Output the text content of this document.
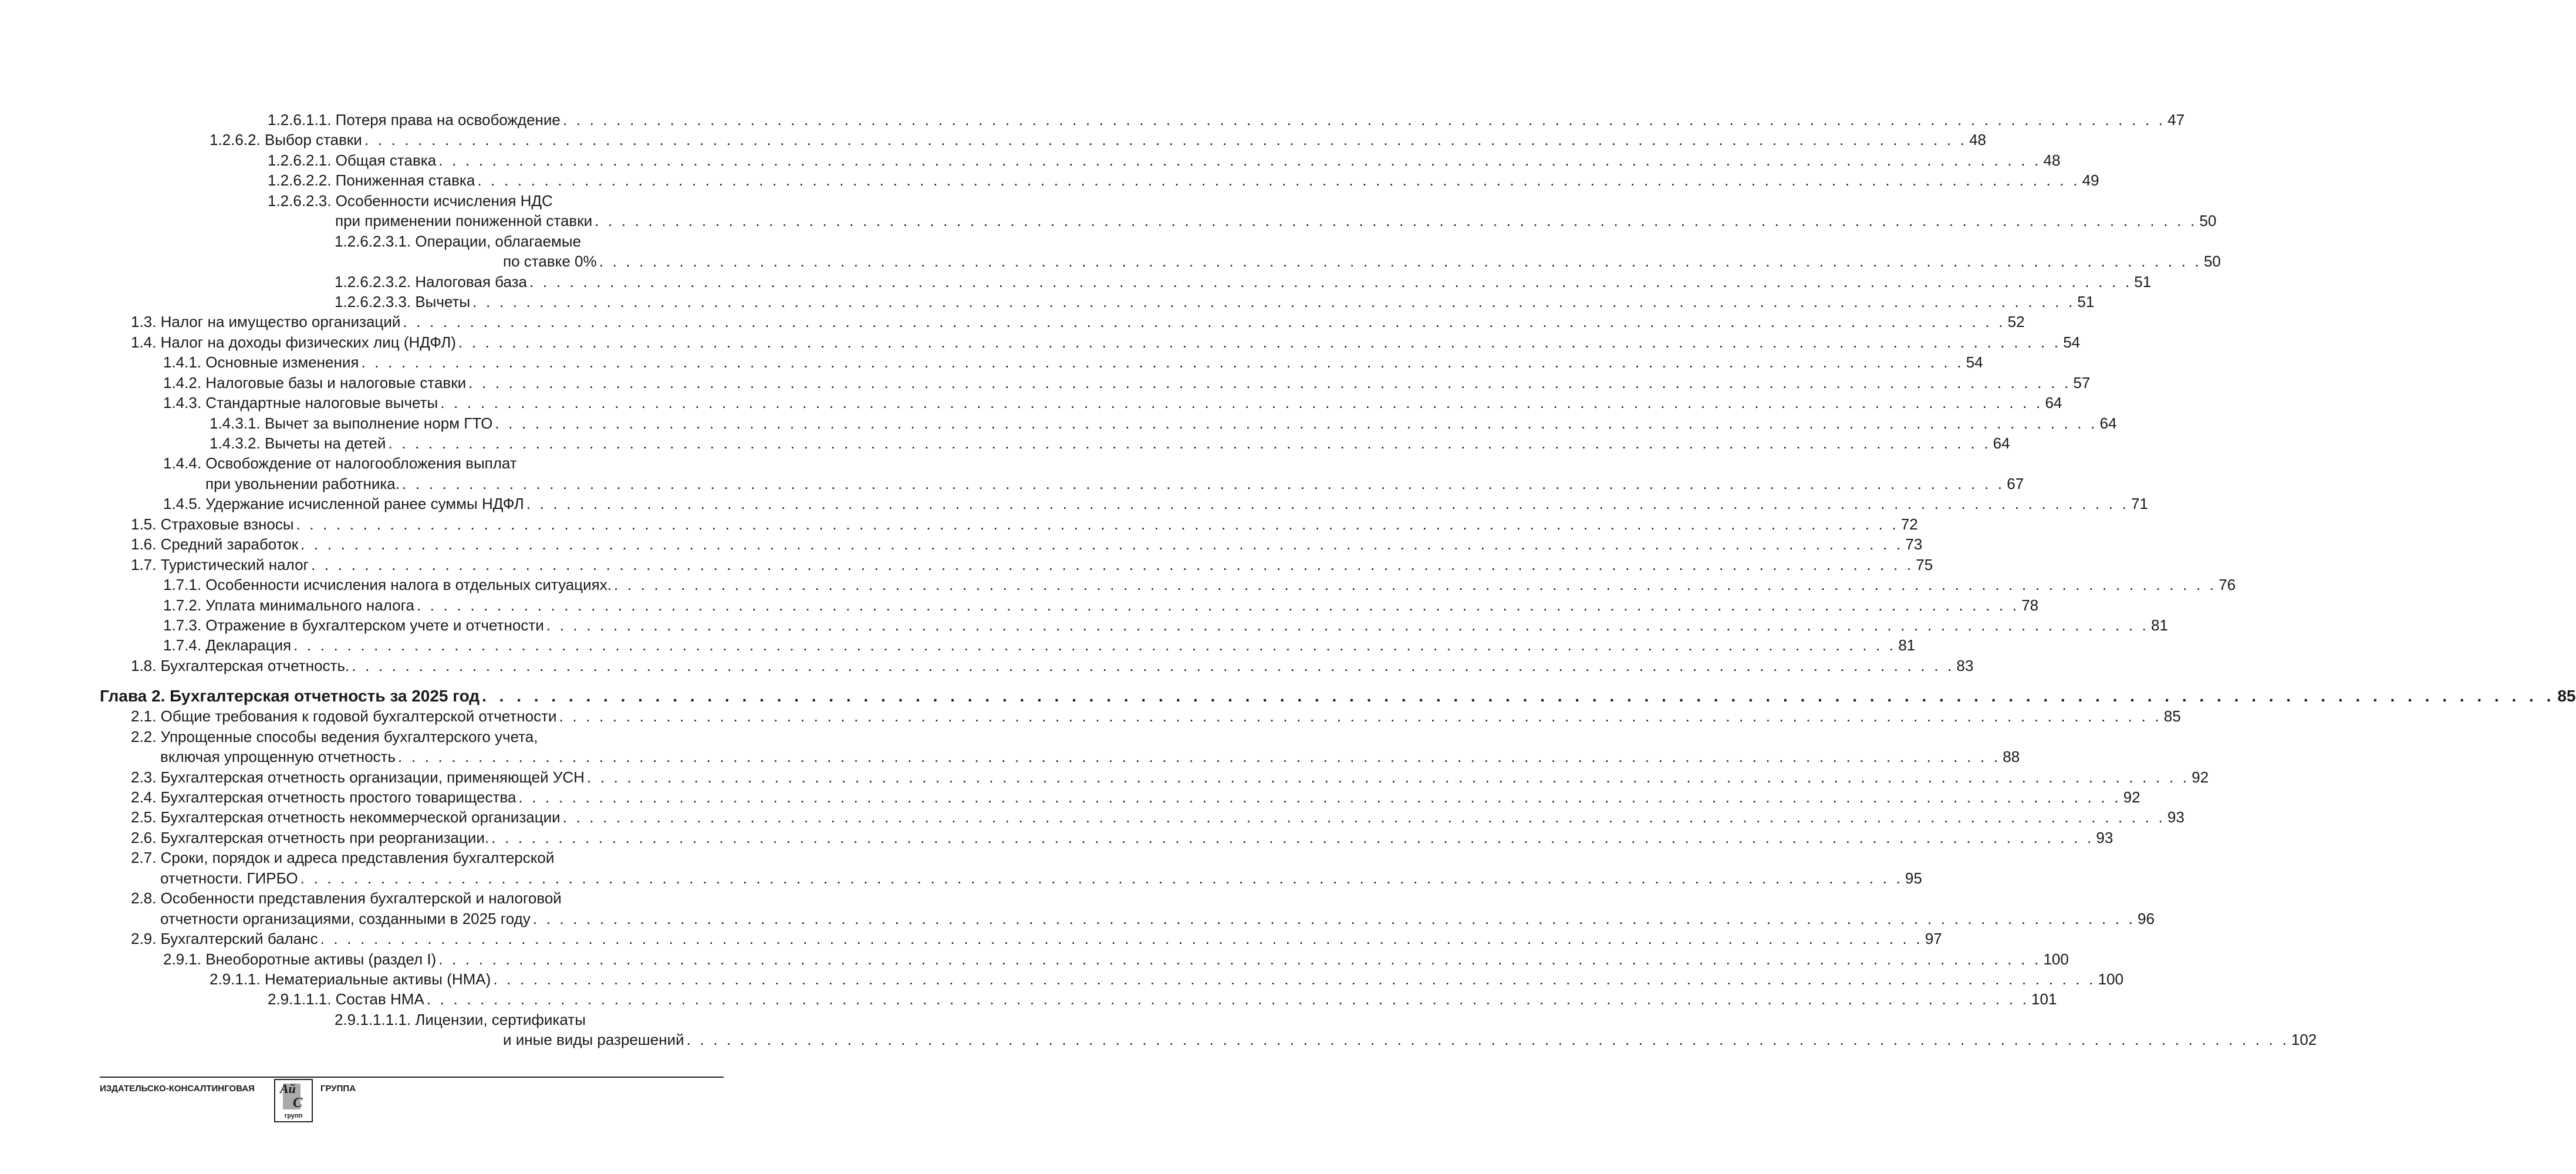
1.2.6.1.1. Потеря права на освобождение . . . . . . . . . . . . . . . . . . . . . . . . . . . . . . . . . . . . . . . . . . . . . . . . . . . . . . . . . . . . . . . . . . . . . . . . . . . . . . . . . . . . . . . . . . . . . . . . . . . . . . . . . . . . . . . . . . . . . . . . 47
1.2.6.2. Выбор ставки . . . . . . . . . . . . . . . . . . . . . . . . . . . . . . . . . . . . . . . . . . . . . . . . . . . . . . . . . . . . . . . . . . . . . . . . . . . . . . . . . . . . . . . . . . . . . . . . . . . . . . . . . . . . . . . . . . . . . . . . 48
1.2.6.2.1. Общая ставка . . . . . . . . . . . . . . . . . . . . . . . . . . . . . . . . . . . . . . . . . . . . . . . . . . . . . . . . . . . . . . . . . . . . . . . . . . . . . . . . . . . . . . . . . . . . . . . . . . . . . . . . . . . . . . . . . . . . . . . . 48
1.2.6.2.2. Пониженная ставка . . . . . . . . . . . . . . . . . . . . . . . . . . . . . . . . . . . . . . . . . . . . . . . . . . . . . . . . . . . . . . . . . . . . . . . . . . . . . . . . . . . . . . . . . . . . . . . . . . . . . . . . . . . . . . . . . . . . . . . . 49
1.2.6.2.3. Особенности исчисления НДС
при применении пониженной ставки . . . . . . . . . . . . . . . . . . . . . . . . . . . . . . . . . . . . . . . . . . . . . . . . . . . . . . . . . . . . . . . . . . . . . . . . . . . . . . . . . . . . . . . . . . . . . . . . . . . . . . . . . . . . . . . . . . . . . . . . 50
1.2.6.2.3.1. Операции, облагаемые
по ставке 0% . . . . . . . . . . . . . . . . . . . . . . . . . . . . . . . . . . . . . . . . . . . . . . . . . . . . . . . . . . . . . . . . . . . . . . . . . . . . . . . . . . . . . . . . . . . . . . . . . . . . . . . . . . . . . . . . . . . . . . . . 50
1.2.6.2.3.2. Налоговая база . . . . . . . . . . . . . . . . . . . . . . . . . . . . . . . . . . . . . . . . . . . . . . . . . . . . . . . . . . . . . . . . . . . . . . . . . . . . . . . . . . . . . . . . . . . . . . . . . . . . . . . . . . . . . . . . . . . . . . . . 51
1.2.6.2.3.3. Вычеты . . . . . . . . . . . . . . . . . . . . . . . . . . . . . . . . . . . . . . . . . . . . . . . . . . . . . . . . . . . . . . . . . . . . . . . . . . . . . . . . . . . . . . . . . . . . . . . . . . . . . . . . . . . . . . . . . . . . . . . . 51
1.3. Налог на имущество организаций . . . . . . . . . . . . . . . . . . . . . . . . . . . . . . . . . . . . . . . . . . . . . . . . . . . . . . . . . . . . . . . . . . . . . . . . . . . . . . . . . . . . . . . . . . . . . . . . . . . . . . . . . . . . . . . . . . . . . . . . 52
1.4. Налог на доходы физических лиц (НДФЛ) . . . . . . . . . . . . . . . . . . . . . . . . . . . . . . . . . . . . . . . . . . . . . . . . . . . . . . . . . . . . . . . . . . . . . . . . . . . . . . . . . . . . . . . . . . . . . . . . . . . . . . . . . . . . . . . . . . . . . . . . 54
1.4.1. Основные изменения . . . . . . . . . . . . . . . . . . . . . . . . . . . . . . . . . . . . . . . . . . . . . . . . . . . . . . . . . . . . . . . . . . . . . . . . . . . . . . . . . . . . . . . . . . . . . . . . . . . . . . . . . . . . . . . . . . . . . . . . 54
1.4.2. Налоговые базы и налоговые ставки . . . . . . . . . . . . . . . . . . . . . . . . . . . . . . . . . . . . . . . . . . . . . . . . . . . . . . . . . . . . . . . . . . . . . . . . . . . . . . . . . . . . . . . . . . . . . . . . . . . . . . . . . . . . . . . . . . . . . . . . 57
1.4.3. Стандартные налоговые вычеты . . . . . . . . . . . . . . . . . . . . . . . . . . . . . . . . . . . . . . . . . . . . . . . . . . . . . . . . . . . . . . . . . . . . . . . . . . . . . . . . . . . . . . . . . . . . . . . . . . . . . . . . . . . . . . . . . . . . . . . . 64
1.4.3.1. Вычет за выполнение норм ГТО . . . . . . . . . . . . . . . . . . . . . . . . . . . . . . . . . . . . . . . . . . . . . . . . . . . . . . . . . . . . . . . . . . . . . . . . . . . . . . . . . . . . . . . . . . . . . . . . . . . . . . . . . . . . . . . . . . . . . . . . 64
1.4.3.2. Вычеты на детей . . . . . . . . . . . . . . . . . . . . . . . . . . . . . . . . . . . . . . . . . . . . . . . . . . . . . . . . . . . . . . . . . . . . . . . . . . . . . . . . . . . . . . . . . . . . . . . . . . . . . . . . . . . . . . . . . . . . . . . . 64
1.4.4. Освобождение от налогообложения выплат
при увольнении работника. . . . . . . . . . . . . . . . . . . . . . . . . . . . . . . . . . . . . . . . . . . . . . . . . . . . . . . . . . . . . . . . . . . . . . . . . . . . . . . . . . . . . . . . . . . . . . . . . . . . . . . . . . . . . . . . . . . . . . . . . 67
1.4.5. Удержание исчисленной ранее суммы НДФЛ . . . . . . . . . . . . . . . . . . . . . . . . . . . . . . . . . . . . . . . . . . . . . . . . . . . . . . . . . . . . . . . . . . . . . . . . . . . . . . . . . . . . . . . . . . . . . . . . . . . . . . . . . . . . . . . . . . . . . . . . 71
1.5. Страховые взносы . . . . . . . . . . . . . . . . . . . . . . . . . . . . . . . . . . . . . . . . . . . . . . . . . . . . . . . . . . . . . . . . . . . . . . . . . . . . . . . . . . . . . . . . . . . . . . . . . . . . . . . . . . . . . . . . . . . . . . . . 72
1.6. Средний заработок . . . . . . . . . . . . . . . . . . . . . . . . . . . . . . . . . . . . . . . . . . . . . . . . . . . . . . . . . . . . . . . . . . . . . . . . . . . . . . . . . . . . . . . . . . . . . . . . . . . . . . . . . . . . . . . . . . . . . . . . 73
1.7. Туристический налог . . . . . . . . . . . . . . . . . . . . . . . . . . . . . . . . . . . . . . . . . . . . . . . . . . . . . . . . . . . . . . . . . . . . . . . . . . . . . . . . . . . . . . . . . . . . . . . . . . . . . . . . . . . . . . . . . . . . . . . . 75
1.7.1. Особенности исчисления налога в отдельных ситуациях. . . . . . . . . . . . . . . . . . . . . . . . . . . . . . . . . . . . . . . . . . . . . . . . . . . . . . . . . . . . . . . . . . . . . . . . . . . . . . . . . . . . . . . . . . . . . . . . . . . . . . . . . . . . . . . . . . . . . . . . . 76
1.7.2. Уплата минимального налога . . . . . . . . . . . . . . . . . . . . . . . . . . . . . . . . . . . . . . . . . . . . . . . . . . . . . . . . . . . . . . . . . . . . . . . . . . . . . . . . . . . . . . . . . . . . . . . . . . . . . . . . . . . . . . . . . . . . . . . . 78
1.7.3. Отражение в бухгалтерском учете и отчетности . . . . . . . . . . . . . . . . . . . . . . . . . . . . . . . . . . . . . . . . . . . . . . . . . . . . . . . . . . . . . . . . . . . . . . . . . . . . . . . . . . . . . . . . . . . . . . . . . . . . . . . . . . . . . . . . . . . . . . . . 81
1.7.4. Декларация . . . . . . . . . . . . . . . . . . . . . . . . . . . . . . . . . . . . . . . . . . . . . . . . . . . . . . . . . . . . . . . . . . . . . . . . . . . . . . . . . . . . . . . . . . . . . . . . . . . . . . . . . . . . . . . . . . . . . . . . 81
1.8. Бухгалтерская отчетность. . . . . . . . . . . . . . . . . . . . . . . . . . . . . . . . . . . . . . . . . . . . . . . . . . . . . . . . . . . . . . . . . . . . . . . . . . . . . . . . . . . . . . . . . . . . . . . . . . . . . . . . . . . . . . . . . . . . . . . . . 83
Глава 2. Бухгалтерская отчетность за 2025 год . . . . . . . . . . . . . . . . . . . . . . . . . . . . . . . . . . . . . . . . . . . . . . . . . . . . . . . . . . . . . . . . . . . . . . . . . . . . . . . . . . . . . . . . . . . . . . . . . . . . . . . . . . . . . . . . . . . . . . . . 85
2.1. Общие требования к годовой бухгалтерской отчетности . . . . . . . . . . . . . . . . . . . . . . . . . . . . . . . . . . . . . . . . . . . . . . . . . . . . . . . . . . . . . . . . . . . . . . . . . . . . . . . . . . . . . . . . . . . . . . . . . . . . . . . . . . . . . . . . . . . . . . . . 85
2.2. Упрощенные способы ведения бухгалтерского учета,
включая упрощенную отчетность . . . . . . . . . . . . . . . . . . . . . . . . . . . . . . . . . . . . . . . . . . . . . . . . . . . . . . . . . . . . . . . . . . . . . . . . . . . . . . . . . . . . . . . . . . . . . . . . . . . . . . . . . . . . . . . . . . . . . . . . 88
2.3. Бухгалтерская отчетность организации, применяющей УСН . . . . . . . . . . . . . . . . . . . . . . . . . . . . . . . . . . . . . . . . . . . . . . . . . . . . . . . . . . . . . . . . . . . . . . . . . . . . . . . . . . . . . . . . . . . . . . . . . . . . . . . . . . . . . . . . . . . . . . . . 92
2.4. Бухгалтерская отчетность простого товарищества . . . . . . . . . . . . . . . . . . . . . . . . . . . . . . . . . . . . . . . . . . . . . . . . . . . . . . . . . . . . . . . . . . . . . . . . . . . . . . . . . . . . . . . . . . . . . . . . . . . . . . . . . . . . . . . . . . . . . . . . 92
2.5. Бухгалтерская отчетность некоммерческой организации . . . . . . . . . . . . . . . . . . . . . . . . . . . . . . . . . . . . . . . . . . . . . . . . . . . . . . . . . . . . . . . . . . . . . . . . . . . . . . . . . . . . . . . . . . . . . . . . . . . . . . . . . . . . . . . . . . . . . . . . 93
2.6. Бухгалтерская отчетность при реорганизации. . . . . . . . . . . . . . . . . . . . . . . . . . . . . . . . . . . . . . . . . . . . . . . . . . . . . . . . . . . . . . . . . . . . . . . . . . . . . . . . . . . . . . . . . . . . . . . . . . . . . . . . . . . . . . . . . . . . . . . . . 93
2.7. Сроки, порядок и адреса представления бухгалтерской
отчетности. ГИРБО . . . . . . . . . . . . . . . . . . . . . . . . . . . . . . . . . . . . . . . . . . . . . . . . . . . . . . . . . . . . . . . . . . . . . . . . . . . . . . . . . . . . . . . . . . . . . . . . . . . . . . . . . . . . . . . . . . . . . . . . 95
2.8. Особенности представления бухгалтерской и налоговой
отчетности организациями, созданными в 2025 году . . . . . . . . . . . . . . . . . . . . . . . . . . . . . . . . . . . . . . . . . . . . . . . . . . . . . . . . . . . . . . . . . . . . . . . . . . . . . . . . . . . . . . . . . . . . . . . . . . . . . . . . . . . . . . . . . . . . . . . . 96
2.9. Бухгалтерский баланс . . . . . . . . . . . . . . . . . . . . . . . . . . . . . . . . . . . . . . . . . . . . . . . . . . . . . . . . . . . . . . . . . . . . . . . . . . . . . . . . . . . . . . . . . . . . . . . . . . . . . . . . . . . . . . . . . . . . . . . . 97
2.9.1. Внеоборотные активы (раздел I) . . . . . . . . . . . . . . . . . . . . . . . . . . . . . . . . . . . . . . . . . . . . . . . . . . . . . . . . . . . . . . . . . . . . . . . . . . . . . . . . . . . . . . . . . . . . . . . . . . . . . . . . . . . . . . . . . . . . . . . . 100
2.9.1.1. Нематериальные активы (НМА) . . . . . . . . . . . . . . . . . . . . . . . . . . . . . . . . . . . . . . . . . . . . . . . . . . . . . . . . . . . . . . . . . . . . . . . . . . . . . . . . . . . . . . . . . . . . . . . . . . . . . . . . . . . . . . . . . . . . . . . . 100
2.9.1.1.1. Состав НМА . . . . . . . . . . . . . . . . . . . . . . . . . . . . . . . . . . . . . . . . . . . . . . . . . . . . . . . . . . . . . . . . . . . . . . . . . . . . . . . . . . . . . . . . . . . . . . . . . . . . . . . . . . . . . . . . . . . . . . . . 101
2.9.1.1.1.1. Лицензии, сертификаты
и иные виды разрешений . . . . . . . . . . . . . . . . . . . . . . . . . . . . . . . . . . . . . . . . . . . . . . . . . . . . . . . . . . . . . . . . . . . . . . . . . . . . . . . . . . . . . . . . . . . . . . . . . . . . . . . . . . . . . . . . . . . . . . . . 102
ИЗДАТЕЛЬСКО-КОНСАЛТИНГОВАЯ Ай
С
групп
ГРУППА
